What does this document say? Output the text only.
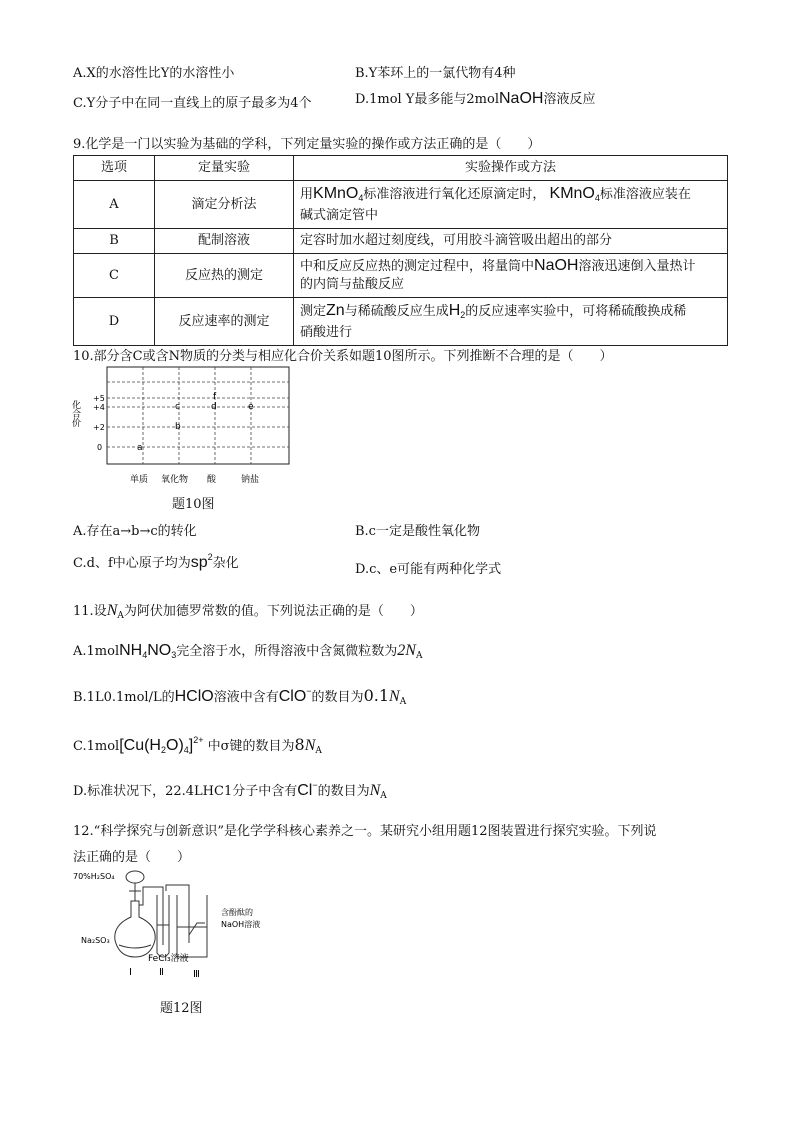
A.X的水溶性比Y的水溶性小	B.Y苯环上的一氯代物有4种
C.Y分子中在同一直线上的原子最多为4个	D.1mol Y最多能与2molNaOH溶液反应
9.化学是一门以实验为基础的学科，下列定量实验的操作或方法正确的是（　　）
选项	定量实验	实验操作或方法
A	滴定分析法	用KMnO$_4$标准溶液进行氧化还原滴定时， KMnO$_4$标准溶液应装在
碱式滴定管中
B	配制溶液	定容时加水超过刻度线，可用胶斗滴管吸出超出的部分
C	反应热的测定	中和反应反应热的测定过程中，将量筒中NaOH溶液迅速倒入量热计
的内筒与盐酸反应
D	反应速率的测定	测定Zn与稀硫酸反应生成$H_2$的反应速率实验中，可将稀硫酸换成稀
硝酸进行
10.部分含C或含N物质的分类与相应化合价关系如题10图所示。下列推断不合理的是（　　）
化合价
+5
+4
+2
0	a
b
c	d	e
f
单质 氧化物 酸	钠盐
题10图
A.存在a→b→c的转化	B.c一定是酸性氧化物
C.d、f中心原子均为$sp^2$杂化	D.c、e可能有两种化学式
11.设$N_A$为阿伏加德罗常数的值。下列说法正确的是（　　）
$A.1molNH_4NO_3$完全溶于水，所得溶液中含氮微粒数为$2N_A$
B.1L0.1mol/L的HClO溶液中含有ClO−的数目为$0.1N_A$
$C.1mol[Cu(H_2O)_4]^{2+}$ 中σ键的数目为$8N_A$
D.标准状况下，22.4LHC1分子中含有Cl−的数目为$N_A$
12.“科学探究与创新意识”是化学学科核心素养之一。某研究小组用题12图装置进行探究实验。下列说
法正确的是（　　）
70%H₂SO₄
Na₂SO₃
含酚酞的
NaOH溶液
FeCl₃溶液
Ⅰ	Ⅱ	Ⅲ
题12图
